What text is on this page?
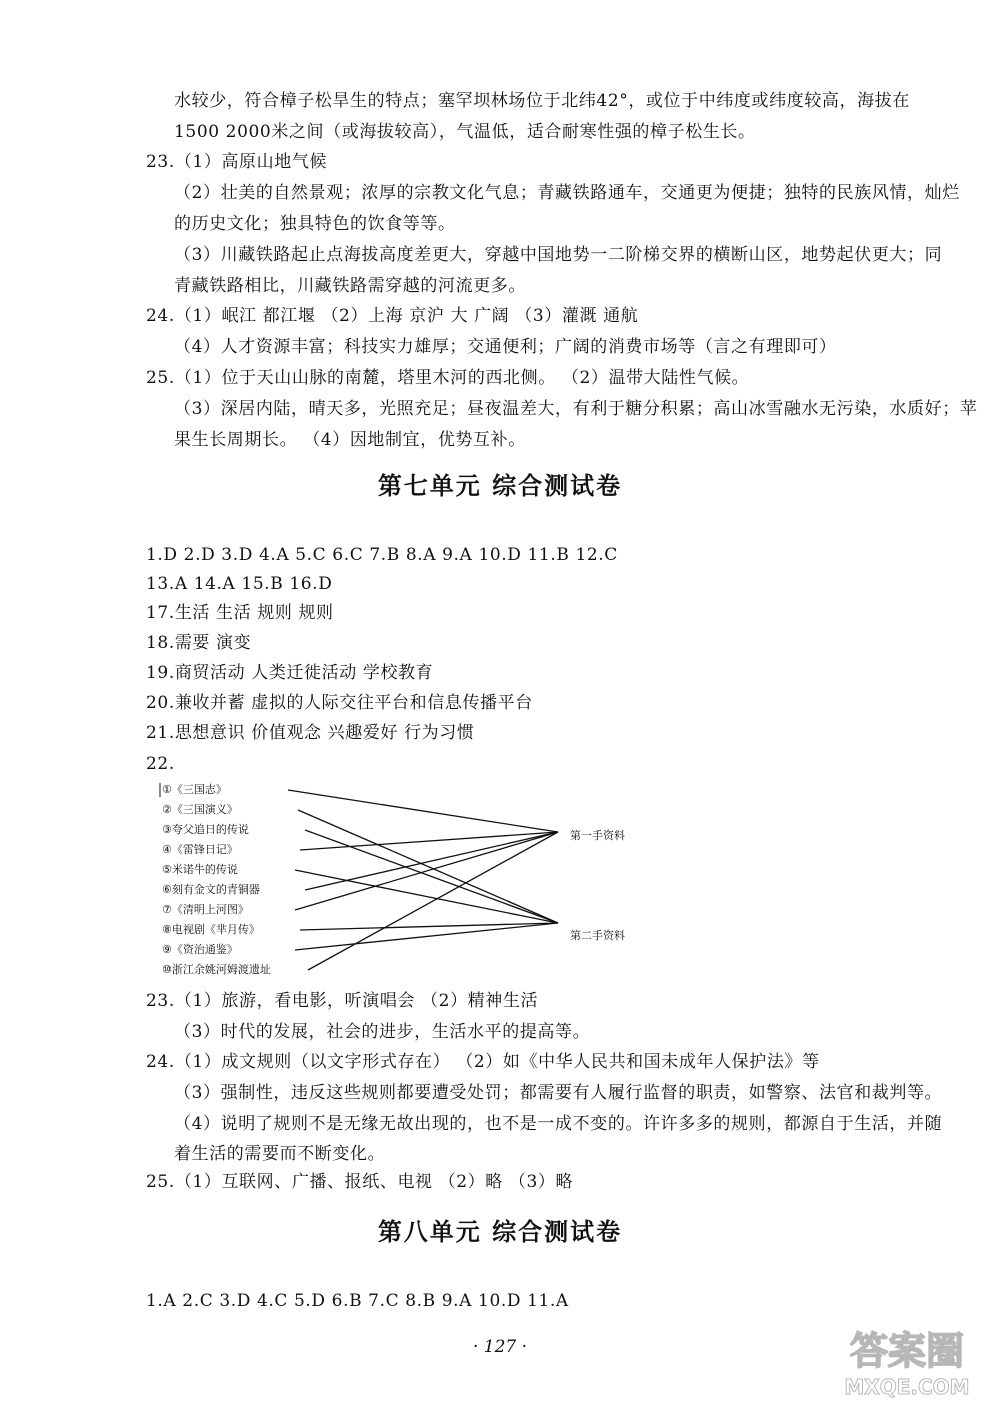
水较少，符合樟子松旱生的特点；塞罕坝林场位于北纬42°，或位于中纬度或纬度较高，海拔在
1500 2000米之间（或海拔较高），气温低，适合耐寒性强的樟子松生长。
23.（1）高原山地气候
（2）壮美的自然景观；浓厚的宗教文化气息；青藏铁路通车，交通更为便捷；独特的民族风情，灿烂
的历史文化；独具特色的饮食等等。
（3）川藏铁路起止点海拔高度差更大，穿越中国地势一二阶梯交界的横断山区，地势起伏更大；同
青藏铁路相比，川藏铁路需穿越的河流更多。
24.（1）岷江 都江堰 （2）上海 京沪 大 广阔 （3）灌溉 通航
（4）人才资源丰富；科技实力雄厚；交通便利；广阔的消费市场等（言之有理即可）
25.（1）位于天山山脉的南麓，塔里木河的西北侧。 （2）温带大陆性气候。
（3）深居内陆，晴天多，光照充足；昼夜温差大，有利于糖分积累；高山冰雪融水无污染，水质好；苹
果生长周期长。 （4）因地制宜，优势互补。
第七单元 综合测试卷
1.D 2.D 3.D 4.A 5.C 6.C 7.B 8.A 9.A 10.D 11.B 12.C
13.A 14.A 15.B 16.D
17.生活 生活 规则 规则
18.需要 演变
19.商贸活动 人类迁徙活动 学校教育
20.兼收并蓄 虚拟的人际交往平台和信息传播平台
21.思想意识 价值观念 兴趣爱好 行为习惯
22.
①《三国志》
②《三国演义》
③夸父追日的传说
④《雷锋日记》
⑤米诺牛的传说
⑥刻有金文的青铜器
⑦《清明上河图》
⑧电视剧《芈月传》
⑨《资治通鉴》
⑩浙江余姚河姆渡遗址
第一手资料
第二手资料
23.（1）旅游，看电影，听演唱会 （2）精神生活
（3）时代的发展，社会的进步，生活水平的提高等。
24.（1）成文规则（以文字形式存在） （2）如《中华人民共和国未成年人保护法》等
（3）强制性，违反这些规则都要遭受处罚；都需要有人履行监督的职责，如警察、法官和裁判等。
（4）说明了规则不是无缘无故出现的，也不是一成不变的。许许多多的规则，都源自于生活，并随
着生活的需要而不断变化。
25.（1）互联网、广播、报纸、电视 （2）略 （3）略
第八单元 综合测试卷
1.A 2.C 3.D 4.C 5.D 6.B 7.C 8.B 9.A 10.D 11.A
· 127 ·	答案圈
MXQE.COM
